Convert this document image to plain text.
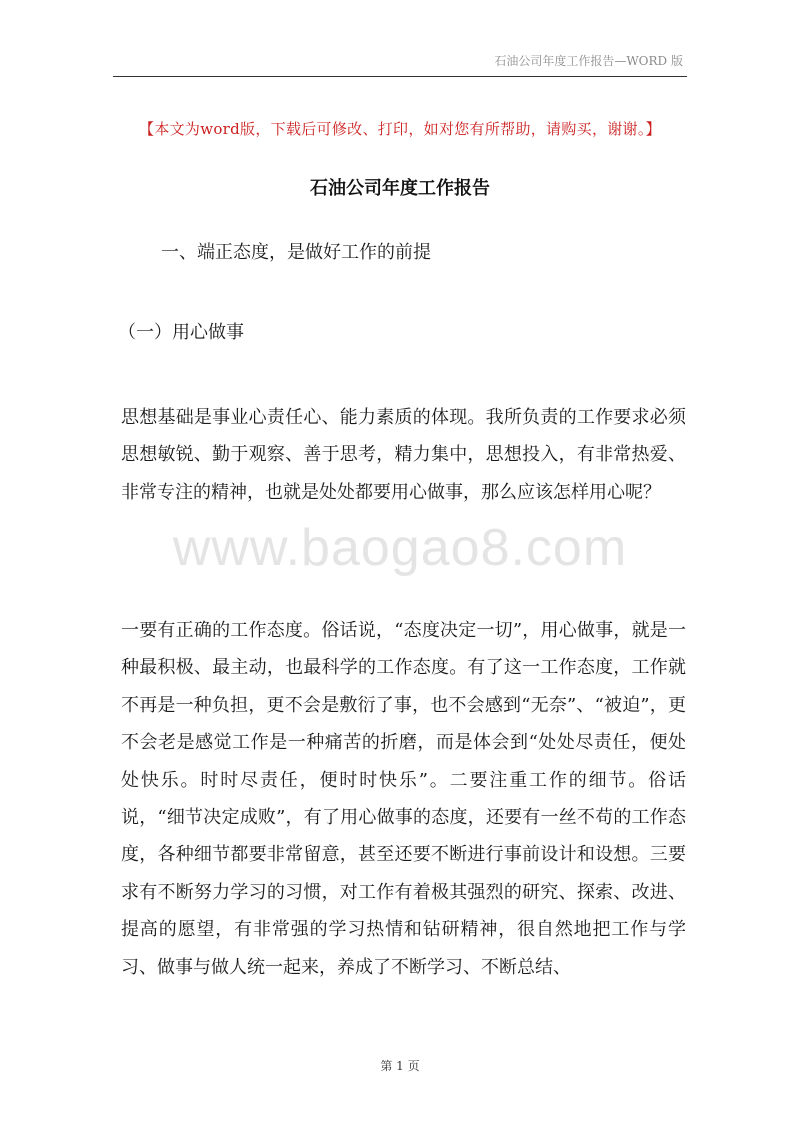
石油公司年度工作报告—WORD 版
【本文为word版，下载后可修改、打印，如对您有所帮助，请购买，谢谢。】
石油公司年度工作报告
一、端正态度，是做好工作的前提
（一）用心做事

思想基础是事业心责任心、能力素质的体现。我所负责的工作要求必须思想敏锐、勤于观察、善于思考，精力集中，思想投入，有非常热爱、非常专注的精神，也就是处处都要用心做事，那么应该怎样用心呢？

www.baogao8.com

一要有正确的工作态度。俗话说，“态度决定一切”，用心做事，就是一种最积极、最主动，也最科学的工作态度。有了这一工作态度，工作就不再是一种负担，更不会是敷衍了事，也不会感到“无奈”、“被迫”，更不会老是感觉工作是一种痛苦的折磨，而是体会到“处处尽责任，便处处快乐。时时尽责任，便时时快乐”。二要注重工作的细节。俗话说，“细节决定成败”，有了用心做事的态度，还要有一丝不苟的工作态度，各种细节都要非常留意，甚至还要不断进行事前设计和设想。三要求有不断努力学习的习惯，对工作有着极其强烈的研究、探索、改进、提高的愿望，有非常强的学习热情和钻研精神，很自然地把工作与学习、做事与做人统一起来，养成了不断学习、不断总结、

第 1 页
